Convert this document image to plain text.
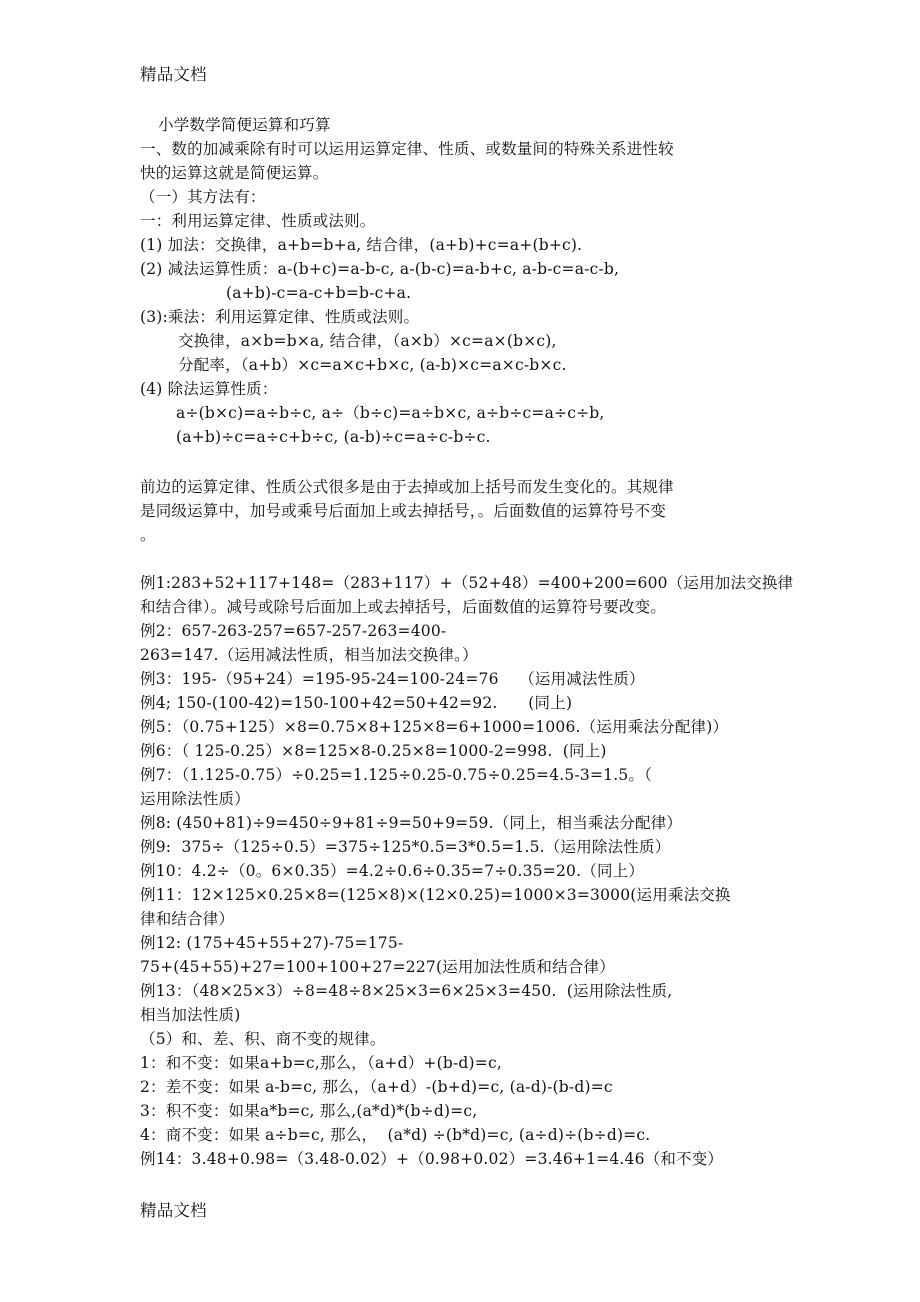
精品文档
小学数学简便运算和巧算
一、数的加减乘除有时可以运用运算定律、性质、或数量间的特殊关系进性较
快的运算这就是简便运算。
（一）其方法有：
一：利用运算定律、性质或法则。
(1) 加法：交换律，a+b=b+a, 结合律，(a+b)+c=a+(b+c).
(2) 减法运算性质：a-(b+c)=a-b-c, a-(b-c)=a-b+c, a-b-c=a-c-b,
(a+b)-c=a-c+b=b-c+a.
(3):乘法：利用运算定律、性质或法则。
交换律，a×b=b×a, 结合律，（a×b）×c=a×(b×c),
分配率，（a+b）×c=a×c+b×c, (a-b)×c=a×c-b×c.
(4) 除法运算性质：
a÷(b×c)=a÷b÷c, a÷（b÷c)=a÷b×c, a÷b÷c=a÷c÷b,
(a+b)÷c=a÷c+b÷c, (a-b)÷c=a÷c-b÷c.
前边的运算定律、性质公式很多是由于去掉或加上括号而发生变化的。其规律
是同级运算中，加号或乘号后面加上或去掉括号，。后面数值的运算符号不变
。
例1:283+52+117+148=（283+117）+（52+48）=400+200=600（运用加法交换律
和结合律）。减号或除号后面加上或去掉括号，后面数值的运算符号要改变。
例2：657-263-257=657-257-263=400-
263=147.（运用减法性质，相当加法交换律。）
例3：195-（95+24）=195-95-24=100-24=76    （运用减法性质）
例4; 150-(100-42)=150-100+42=50+42=92.      (同上)
例5：（0.75+125）×8=0.75×8+125×8=6+1000=1006.（运用乘法分配律)）
例6：（ 125-0.25）×8=125×8-0.25×8=1000-2=998.  (同上)
例7：（1.125-0.75）÷0.25=1.125÷0.25-0.75÷0.25=4.5-3=1.5。（
运用除法性质）
例8: (450+81)÷9=450÷9+81÷9=50+9=59.（同上，相当乘法分配律）
例9:  375÷（125÷0.5）=375÷125*0.5=3*0.5=1.5.（运用除法性质）
例10：4.2÷（0。6×0.35）=4.2÷0.6÷0.35=7÷0.35=20.（同上）
例11：12×125×0.25×8=(125×8)×(12×0.25)=1000×3=3000(运用乘法交换
律和结合律）
例12: (175+45+55+27)-75=175-
75+(45+55)+27=100+100+27=227(运用加法性质和结合律）
例13：（48×25×3）÷8=48÷8×25×3=6×25×3=450.  (运用除法性质,
相当加法性质)
（5）和、差、积、商不变的规律。
1：和不变：如果a+b=c,那么，（a+d）+(b-d)=c,
2：差不变：如果 a-b=c, 那么，（a+d）-(b+d)=c, (a-d)-(b-d)=c
3：积不变：如果a*b=c, 那么,(a*d)*(b÷d)=c,
4：商不变：如果 a÷b=c, 那么，  (a*d) ÷(b*d)=c, (a÷d)÷(b÷d)=c.
例14：3.48+0.98=（3.48-0.02）+（0.98+0.02）=3.46+1=4.46（和不变）
精品文档
